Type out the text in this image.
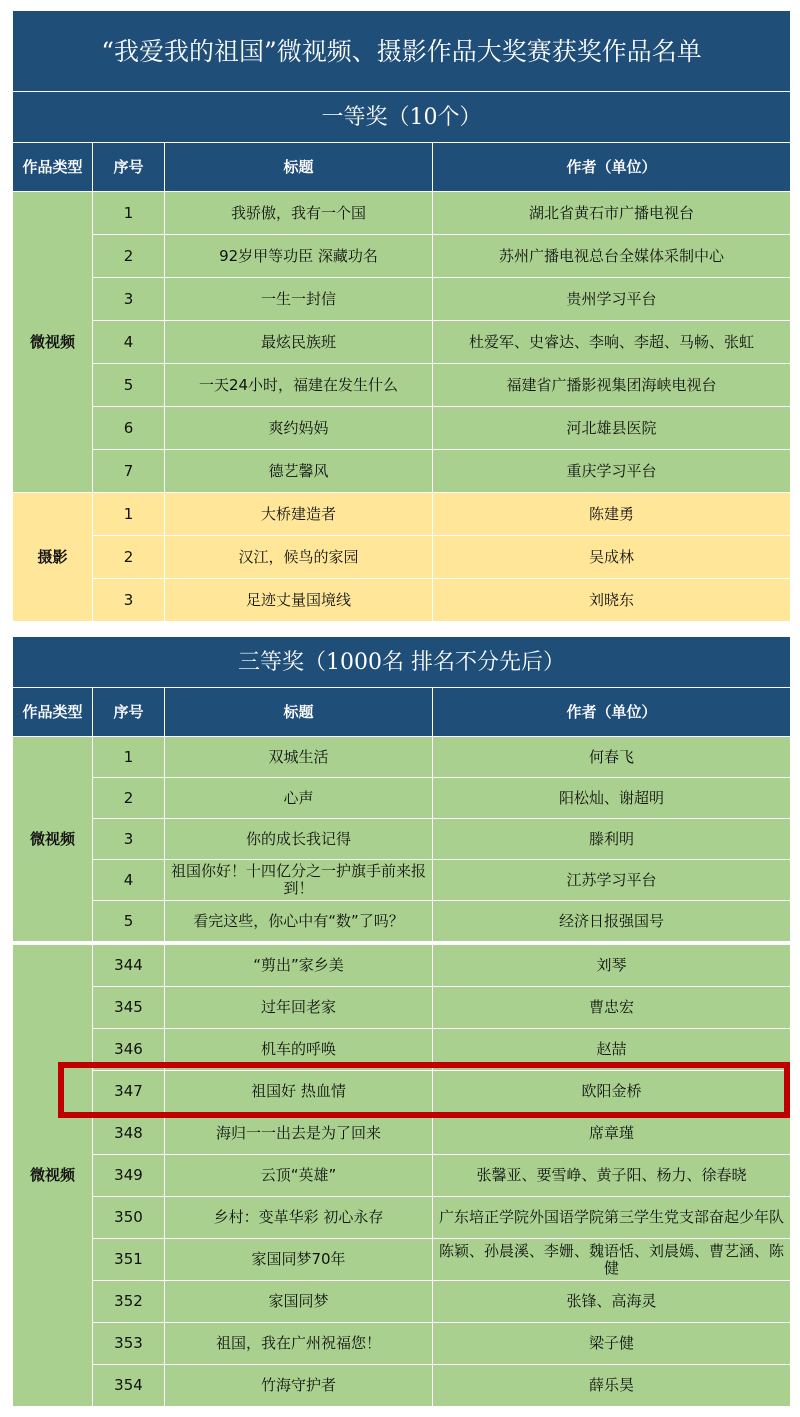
“我爱我的祖国”微视频、摄影作品大奖赛获奖作品名单			
一等奖（10个）			
作品类型	序号	标题	作者（单位）
微视频	1	我骄傲，我有一个国	湖北省黄石市广播电视台
	2	92岁甲等功臣 深藏功名	苏州广播电视总台全媒体采制中心
	3	一生一封信	贵州学习平台
	4	最炫民族班	杜爱军、史睿达、李响、李超、马畅、张虹
	5	一天24小时，福建在发生什么	福建省广播影视集团海峡电视台
	6	爽约妈妈	河北雄县医院
	7	德艺馨风	重庆学习平台
摄影	1	大桥建造者	陈建勇
	2	汉江，候鸟的家园	吴成林
	3	足迹丈量国境线	刘晓东
三等奖（1000名 排名不分先后）			
作品类型	序号	标题	作者（单位）
微视频	1	双城生活	何春飞
	2	心声	阳松灿、谢超明
	3	你的成长我记得	滕利明
	4	祖国你好！十四亿分之一护旗手前来报到！	江苏学习平台
	5	看完这些，你心中有“数”了吗？	经济日报强国号
微视频	344	“剪出”家乡美	刘琴
	345	过年回老家	曹忠宏
	346	机车的呼唤	赵喆
	347	祖国好 热血情	欧阳金桥
	348	海归一一出去是为了回来	席章瑾
	349	云顶“英雄”	张馨亚、要雪峥、黄子阳、杨力、徐春晓
	350	乡村：变革华彩 初心永存	广东培正学院外国语学院第三学生党支部奋起少年队
	351	家国同梦70年	陈颖、孙晨溪、李姗、魏语恬、刘晨嫣、曹艺涵、陈健
	352	家国同梦	张锋、高海灵
	353	祖国，我在广州祝福您！	梁子健
	354	竹海守护者	薛乐昊
